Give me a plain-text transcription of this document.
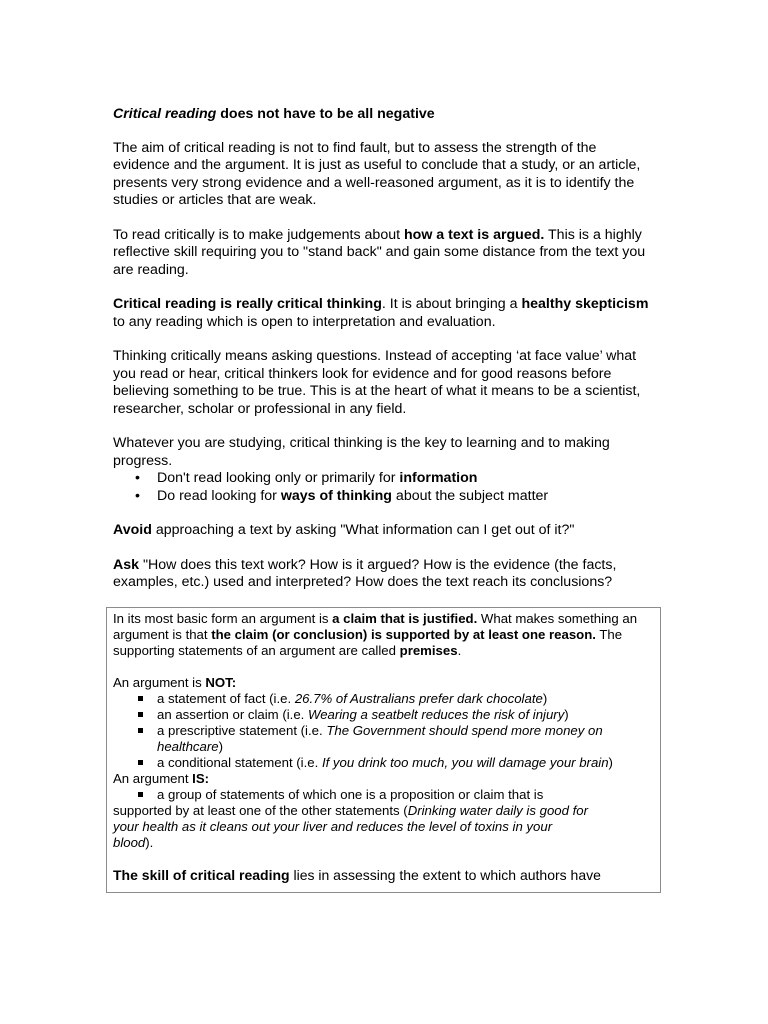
Critical reading does not have to be all negative

The aim of critical reading is not to find fault, but to assess the strength of the evidence and the argument. It is just as useful to conclude that a study, or an article, presents very strong evidence and a well-reasoned argument, as it is to identify the studies or articles that are weak.

To read critically is to make judgements about how a text is argued. This is a highly reflective skill requiring you to "stand back" and gain some distance from the text you are reading.

Critical reading is really critical thinking. It is about bringing a healthy skepticism to any reading which is open to interpretation and evaluation.

Thinking critically means asking questions. Instead of accepting ‘at face value’ what you read or hear, critical thinkers look for evidence and for good reasons before believing something to be true. This is at the heart of what it means to be a scientist, researcher, scholar or professional in any field.

Whatever you are studying, critical thinking is the key to learning and to making progress.

• Don't read looking only or primarily for information
• Do read looking for ways of thinking about the subject matter

Avoid approaching a text by asking "What information can I get out of it?"

Ask "How does this text work? How is it argued? How is the evidence (the facts, examples, etc.) used and interpreted? How does the text reach its conclusions?

In its most basic form an argument is a claim that is justified. What makes something an argument is that the claim (or conclusion) is supported by at least one reason. The supporting statements of an argument are called premises.

An argument is NOT:
a statement of fact (i.e. 26.7% of Australians prefer dark chocolate)
an assertion or claim (i.e. Wearing a seatbelt reduces the risk of injury)
a prescriptive statement (i.e. The Government should spend more money on healthcare)
a conditional statement (i.e. If you drink too much, you will damage your brain)
An argument IS:
a group of statements of which one is a proposition or claim that is

supported by at least one of the other statements (Drinking water daily is good for your health as it cleans out your liver and reduces the level of toxins in your blood).

The skill of critical reading lies in assessing the extent to which authors have
